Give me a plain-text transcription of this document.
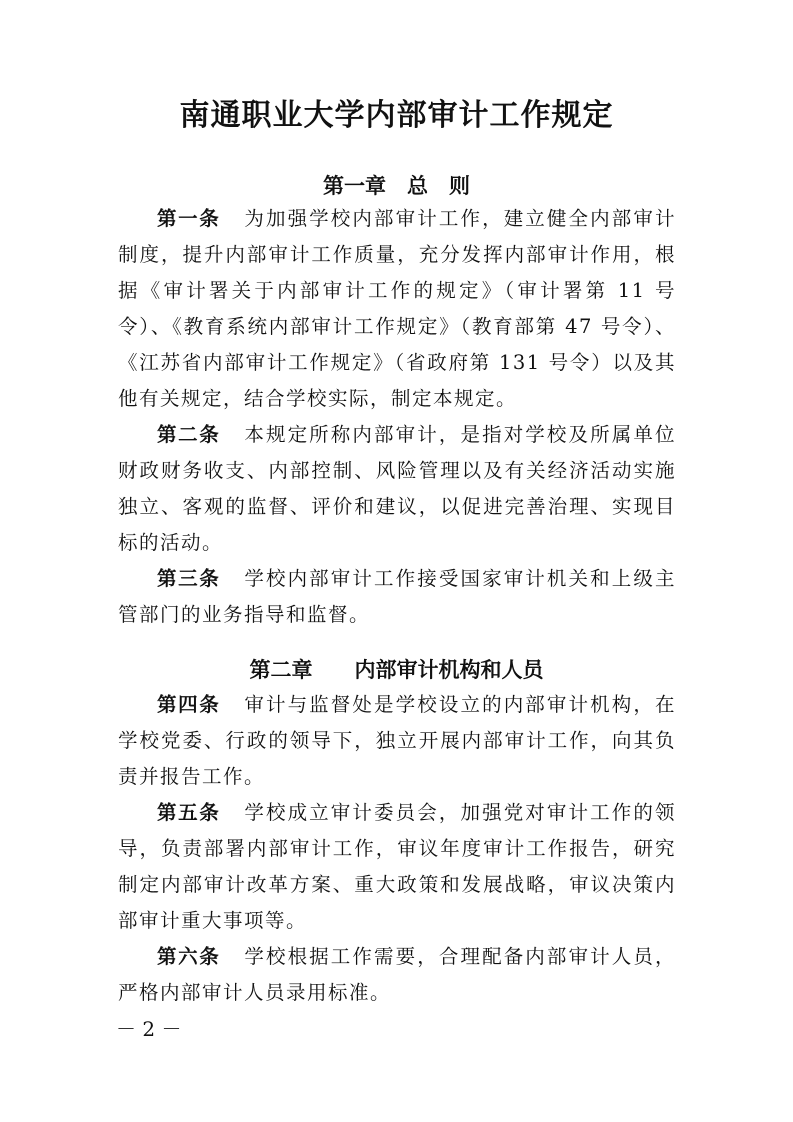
南通职业大学内部审计工作规定
第一章　总　则

第一条 为加强学校内部审计工作，建立健全内部审计制度，提升内部审计工作质量，充分发挥内部审计作用，根据《审计署关于内部审计工作的规定》（审计署第 11 号令）、《教育系统内部审计工作规定》（教育部第 47 号令）、《江苏省内部审计工作规定》（省政府第 131 号令）以及其他有关规定，结合学校实际，制定本规定。

第二条 本规定所称内部审计，是指对学校及所属单位财政财务收支、内部控制、风险管理以及有关经济活动实施独立、客观的监督、评价和建议，以促进完善治理、实现目标的活动。

第三条 学校内部审计工作接受国家审计机关和上级主管部门的业务指导和监督。

第二章　　内部审计机构和人员

第四条 审计与监督处是学校设立的内部审计机构，在学校党委、行政的领导下，独立开展内部审计工作，向其负责并报告工作。

第五条 学校成立审计委员会，加强党对审计工作的领导，负责部署内部审计工作，审议年度审计工作报告，研究制定内部审计改革方案、重大政策和发展战略，审议决策内部审计重大事项等。

第六条 学校根据工作需要，合理配备内部审计人员，严格内部审计人员录用标准。

－ 2 －
